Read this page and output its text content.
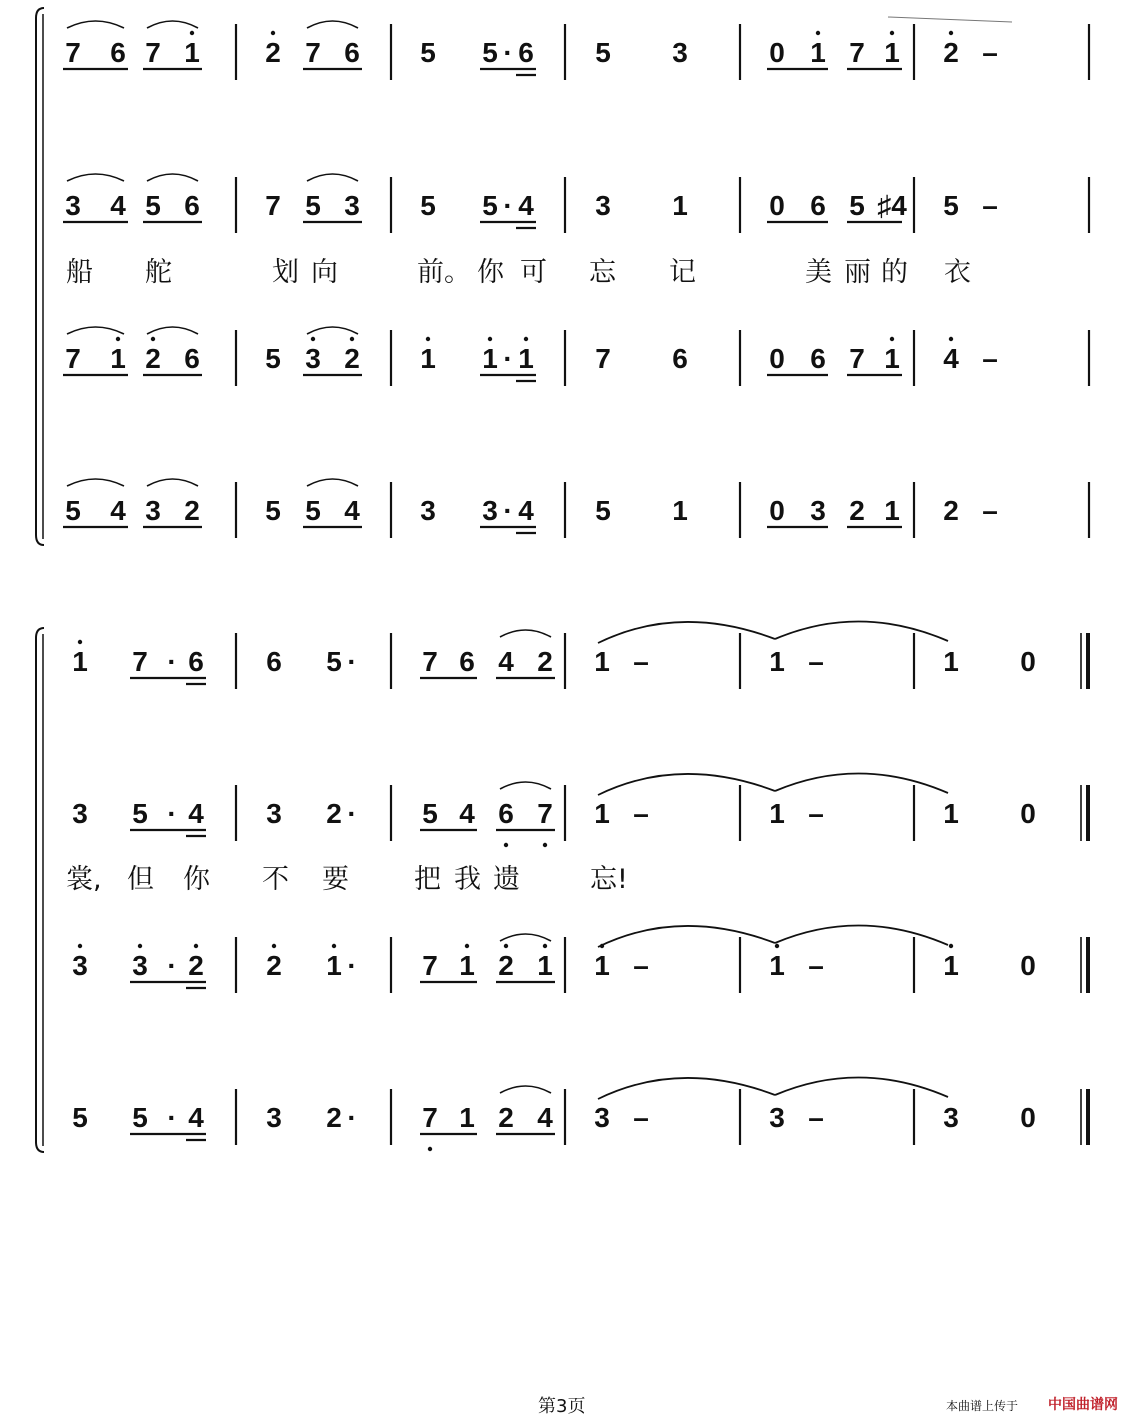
7 6 7 1 2 7 6 5 5 · 6 5 3	0 1 7 1 2 –
3 4 5 6 7 5 3 5 5 · 4 3 1	0 6 5 ♯4 5 –
7 1 2 6 5 3 2 1 1 · 1 7 6	0 6 7 1 4 –
5 4 3 2 5 5 4 3 3 · 4 5 1	0 3 2 1 2 –
1 7 · 6 6 5 · 7 6 4 2 1 –	1 –	1 0
3 5 · 4 3 2 · 5 4 6 7 1 –	1 –	1 0
3 3 · 2 2 1 · 7 1 2 1 1 –	1 –	1 0
5 5 · 4 3 2 · 7 1 2 4 3 –	3 –	3 0
船 舵	划 向	前。 你 可 忘 记	美 丽 的 衣
裳, 但 你 不 要 把 我 遗	忘!
第3页	本曲谱上传于 中国曲谱网
